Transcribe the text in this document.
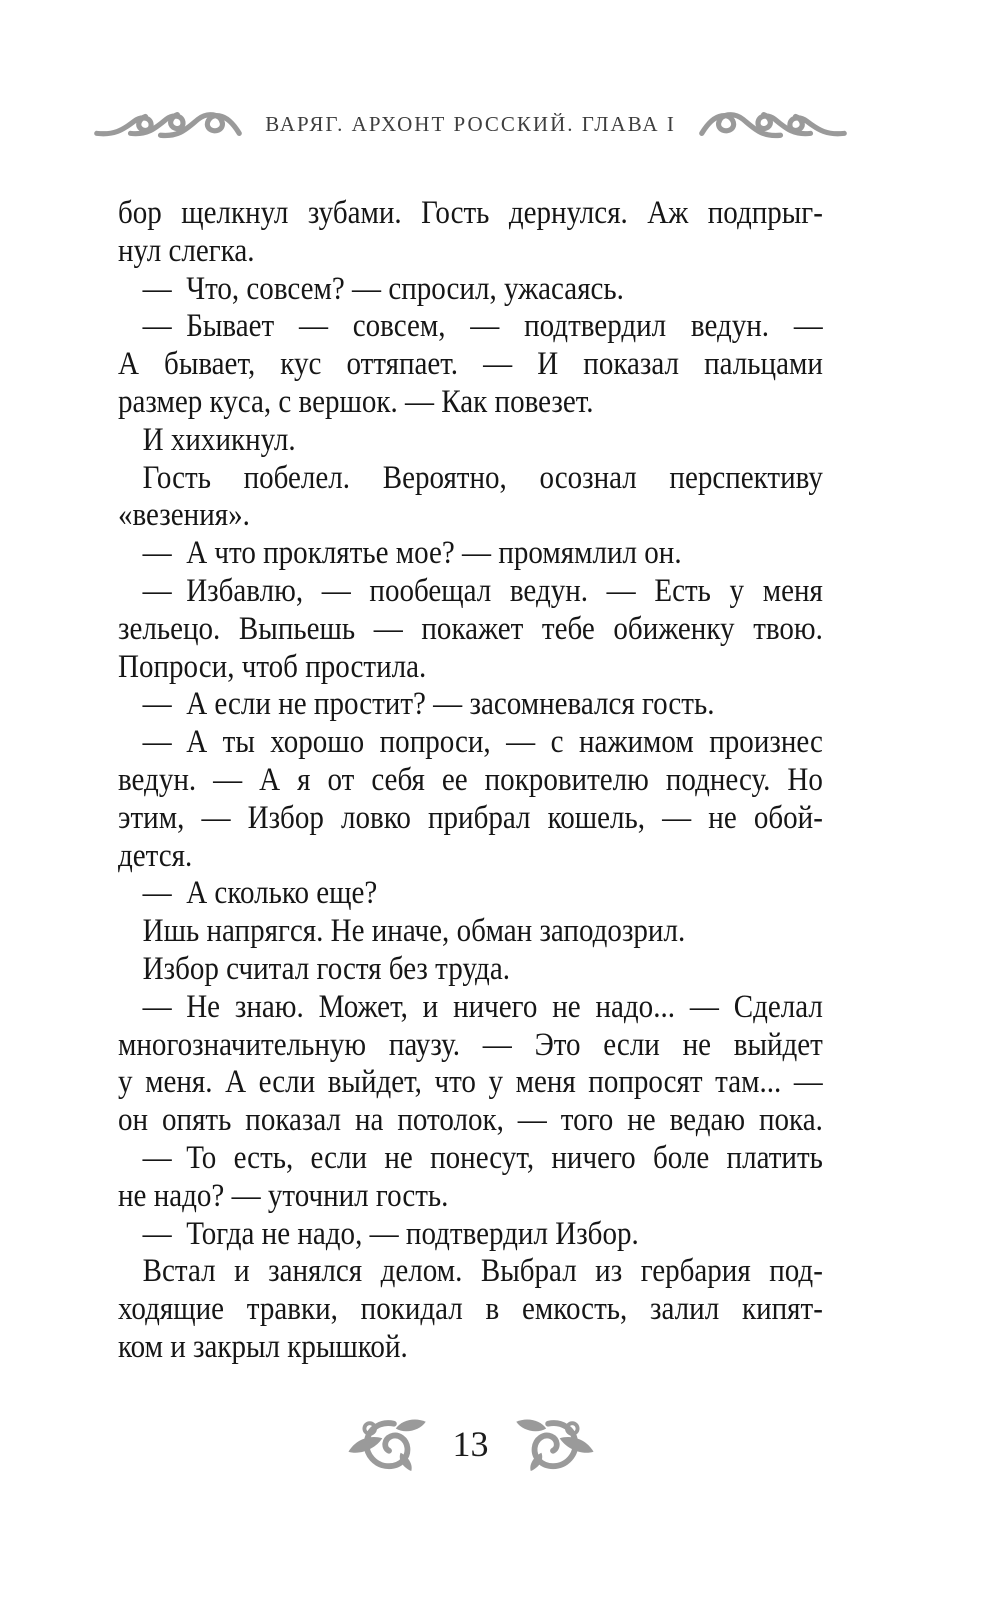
ВАРЯГ. АРХОНТ РОССКИЙ. ГЛАВА I
бор щелкнул зубами. Гость дернулся. Аж подпрыг-
нул слегка.
— Что, совсем? — спросил, ужасаясь.
— Бывает — совсем, — подтвердил ведун. —
А бывает, кус оттяпает. — И показал пальцами
размер куса, с вершок. — Как повезет.
И хихикнул.
Гость побелел. Вероятно, осознал перспективу
«везения».
— А что проклятье мое? — промямлил он.
— Избавлю, — пообещал ведун. — Есть у меня
зельецо. Выпьешь — покажет тебе обиженку твою.
Попроси, чтоб простила.
— А если не простит? — засомневался гость.
— А ты хорошо попроси, — с нажимом произнес
ведун. — А я от себя ее покровителю поднесу. Но
этим, — Избор ловко прибрал кошель, — не обой-
дется.
— А сколько еще?
Ишь напрягся. Не иначе, обман заподозрил.
Избор считал гостя без труда.
— Не знаю. Может, и ничего не надо... — Сделал
многозначительную паузу. — Это если не выйдет
у меня. А если выйдет, что у меня попросят там... —
он опять показал на потолок, — того не ведаю пока.
— То есть, если не понесут, ничего боле платить
не надо? — уточнил гость.
— Тогда не надо, — подтвердил Избор.
Встал и занялся делом. Выбрал из гербария под-
ходящие травки, покидал в емкость, залил кипят-
ком и закрыл крышкой.
13
